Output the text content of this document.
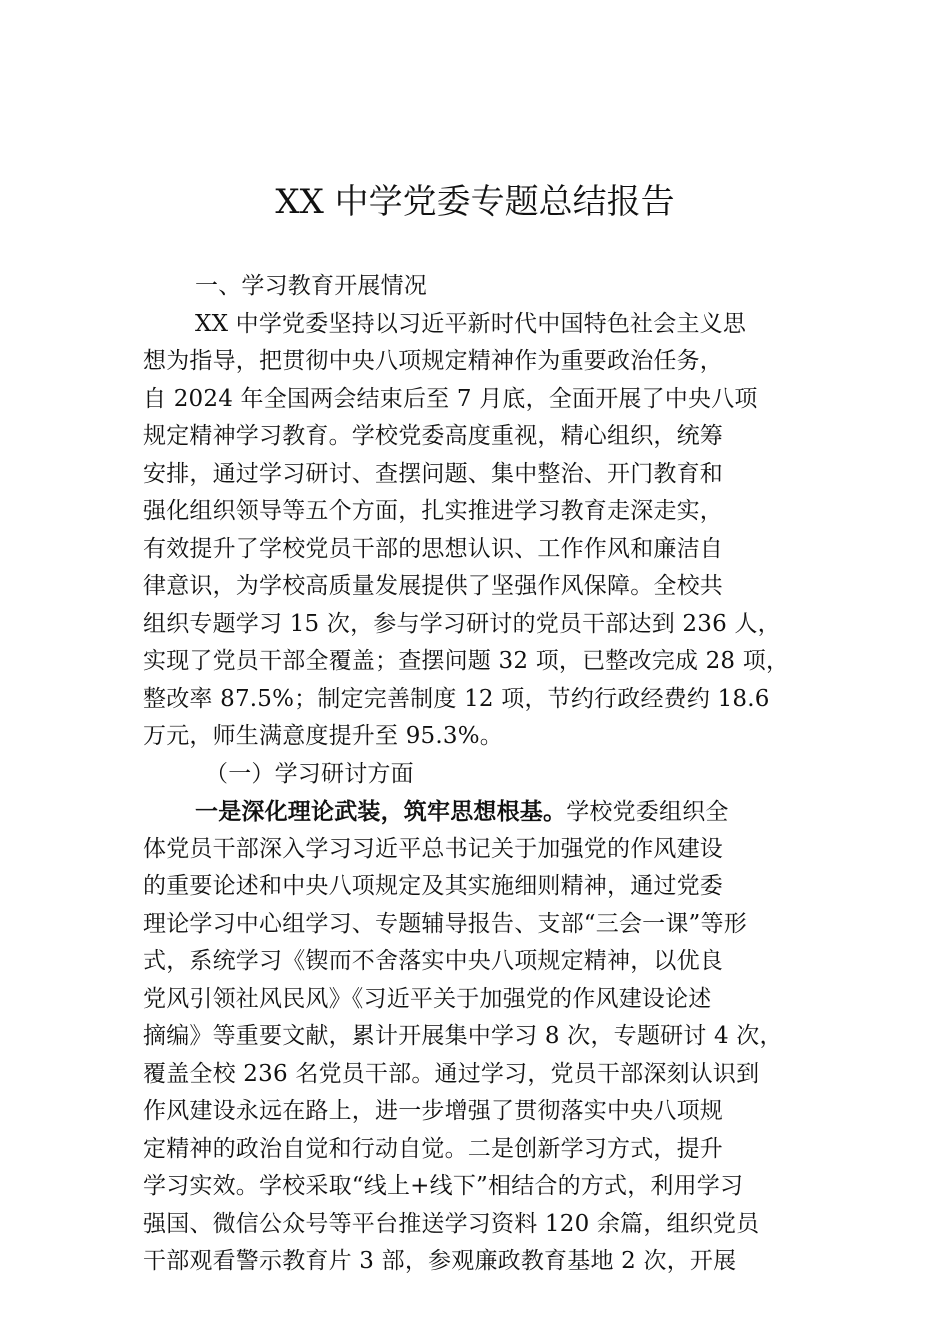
XX 中学党委专题总结报告
一、学习教育开展情况
XX 中学党委坚持以习近平新时代中国特色社会主义思
想为指导，把贯彻中央八项规定精神作为重要政治任务，
自 2024 年全国两会结束后至 7 月底，全面开展了中央八项
规定精神学习教育。学校党委高度重视，精心组织，统筹
安排，通过学习研讨、查摆问题、集中整治、开门教育和
强化组织领导等五个方面，扎实推进学习教育走深走实，
有效提升了学校党员干部的思想认识、工作作风和廉洁自
律意识，为学校高质量发展提供了坚强作风保障。全校共
组织专题学习 15 次，参与学习研讨的党员干部达到 236 人，
实现了党员干部全覆盖；查摆问题 32 项，已整改完成 28 项，
整改率 87.5%；制定完善制度 12 项，节约行政经费约 18.6
万元，师生满意度提升至 95.3%。
（一）学习研讨方面
一是深化理论武装，筑牢思想根基。学校党委组织全
体党员干部深入学习习近平总书记关于加强党的作风建设
的重要论述和中央八项规定及其实施细则精神，通过党委
理论学习中心组学习、专题辅导报告、支部“三会一课”等形
式，系统学习《锲而不舍落实中央八项规定精神，以优良
党风引领社风民风》《习近平关于加强党的作风建设论述
摘编》等重要文献，累计开展集中学习 8 次，专题研讨 4 次，
覆盖全校 236 名党员干部。通过学习，党员干部深刻认识到
作风建设永远在路上，进一步增强了贯彻落实中央八项规
定精神的政治自觉和行动自觉。二是创新学习方式，提升
学习实效。学校采取“线上+线下”相结合的方式，利用学习
强国、微信公众号等平台推送学习资料 120 余篇，组织党员
干部观看警示教育片 3 部，参观廉政教育基地 2 次，开展
